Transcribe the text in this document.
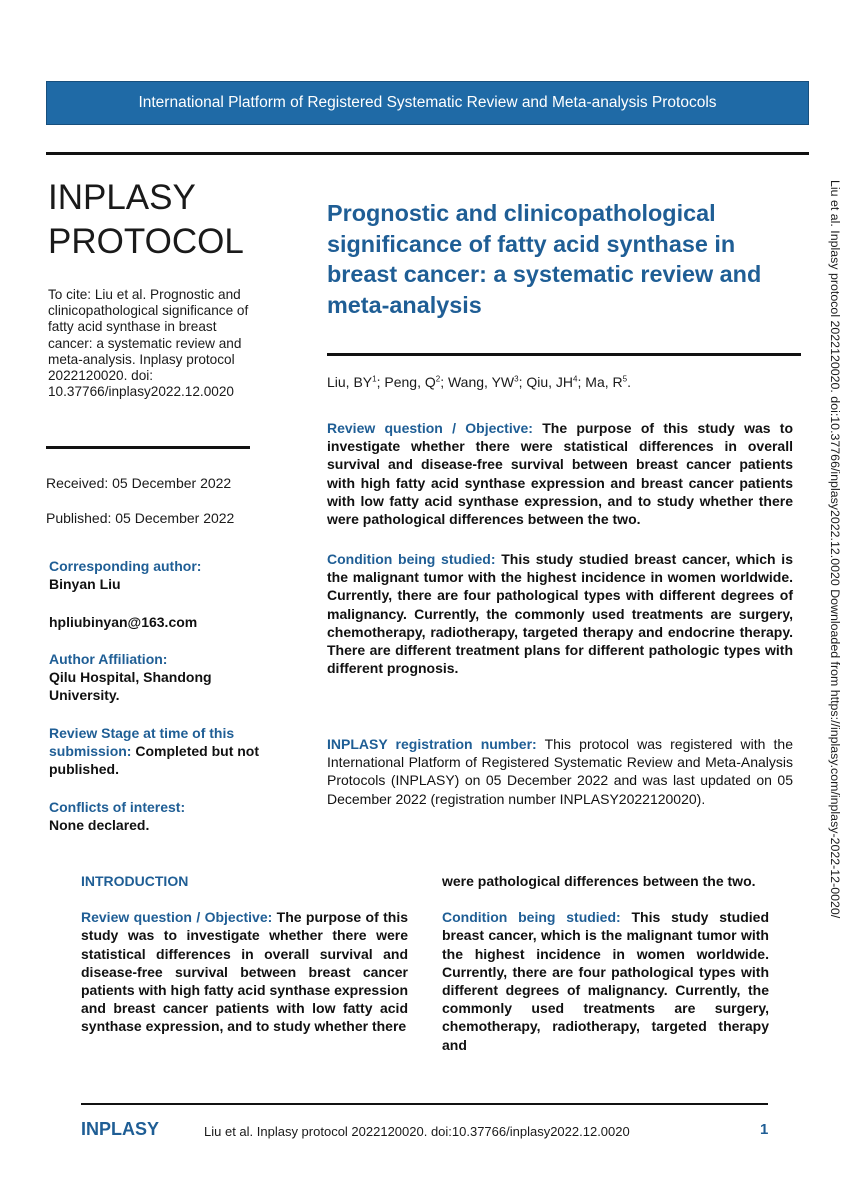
International Platform of Registered Systematic Review and Meta-analysis Protocols
INPLASY
PROTOCOL
To cite: Liu et al. Prognostic and clinicopathological significance of fatty acid synthase in breast cancer: a systematic review and meta-analysis. Inplasy protocol 2022120020. doi: 10.37766/inplasy2022.12.0020
Received: 05 December 2022
Published: 05 December 2022
Corresponding author:
Binyan Liu
hpliubinyan@163.com
Author Affiliation:
Qilu Hospital, Shandong University.
Review Stage at time of this submission: Completed but not published.
Conflicts of interest:
None declared.
Prognostic and clinicopathological significance of fatty acid synthase in breast cancer: a systematic review and meta-analysis
Liu, $BY^1$; Peng, $Q^2$; Wang, $YW^3$; Qiu, $JH^4$; Ma, $R^5$.
Review question / Objective: The purpose of this study was to investigate whether there were statistical differences in overall survival and disease-free survival between breast cancer patients with high fatty acid synthase expression and breast cancer patients with low fatty acid synthase expression, and to study whether there were pathological differences between the two.
Condition being studied: This study studied breast cancer, which is the malignant tumor with the highest incidence in women worldwide. Currently, there are four pathological types with different degrees of malignancy. Currently, the commonly used treatments are surgery, chemotherapy, radiotherapy, targeted therapy and endocrine therapy. There are different treatment plans for different pathologic types with different prognosis.
INPLASY registration number: This protocol was registered with the International Platform of Registered Systematic Review and Meta-Analysis Protocols (INPLASY) on 05 December 2022 and was last updated on 05 December 2022 (registration number INPLASY2022120020).
INTRODUCTION
Review question / Objective: The purpose of this study was to investigate whether there were statistical differences in overall survival and disease-free survival between breast cancer patients with high fatty acid synthase expression and breast cancer patients with low fatty acid synthase expression, and to study whether there
were pathological differences between the two.
Condition being studied: This study studied breast cancer, which is the malignant tumor with the highest incidence in women worldwide. Currently, there are four pathological types with different degrees of malignancy. Currently, the commonly used treatments are surgery, chemotherapy, radiotherapy, targeted therapy and
Liu et al. Inplasy protocol 2022120020. doi:10.37766/inplasy2022.12.0020 Downloaded from https://inplasy.com/inplasy-2022-12-0020/
INPLASY	Liu et al. Inplasy protocol 2022120020. doi:10.37766/inplasy2022.12.0020	1
